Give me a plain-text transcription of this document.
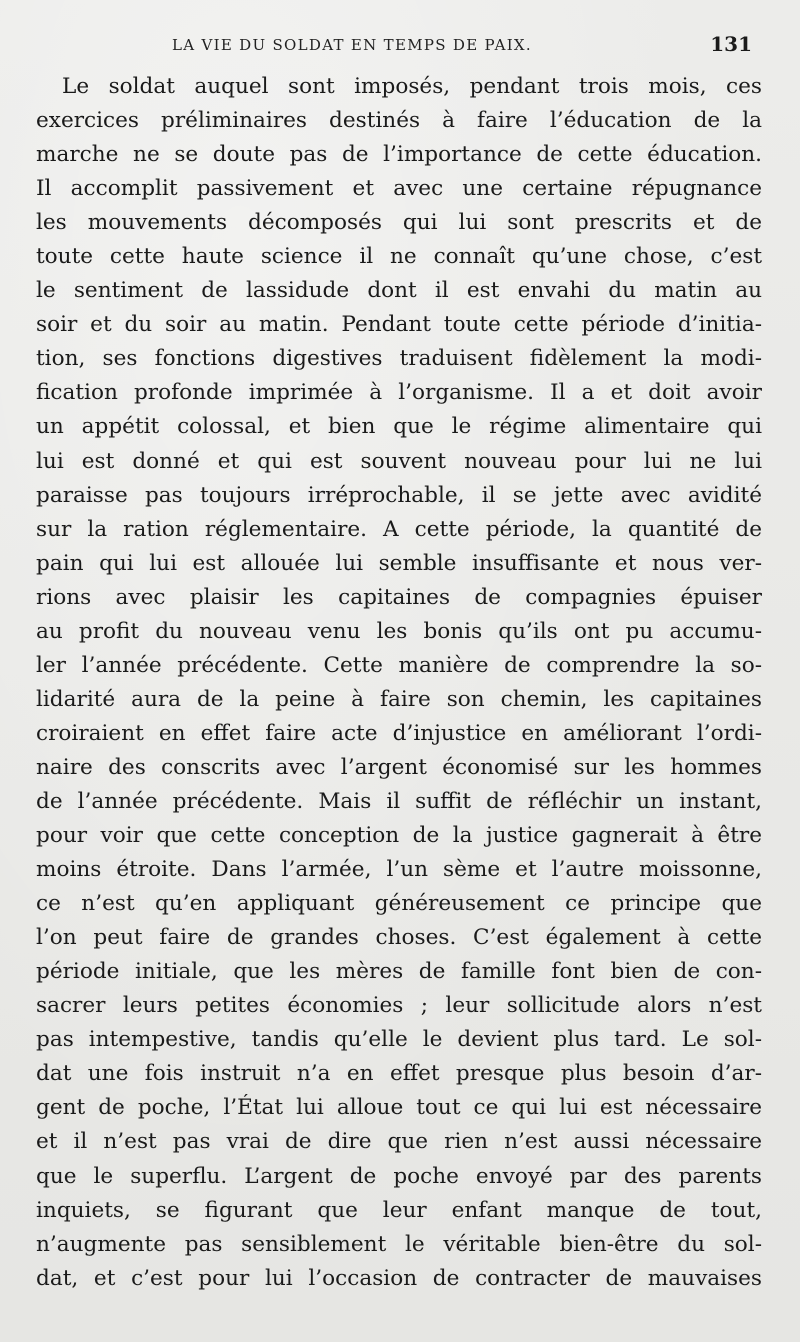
LA VIE DU SOLDAT EN TEMPS DE PAIX.	131
Le soldat auquel sont imposés, pendant trois mois, ces
exercices préliminaires destinés à faire l’éducation de la
marche ne se doute pas de l’importance de cette éducation.
Il accomplit passivement et avec une certaine répugnance
les mouvements décomposés qui lui sont prescrits et de
toute cette haute science il ne connaît qu’une chose, c’est
le sentiment de lassidude dont il est envahi du matin au
soir et du soir au matin. Pendant toute cette période d’initia-
tion, ses fonctions digestives traduisent fidèlement la modi-
fication profonde imprimée à l’organisme. Il a et doit avoir
un appétit colossal, et bien que le régime alimentaire qui
lui est donné et qui est souvent nouveau pour lui ne lui
paraisse pas toujours irréprochable, il se jette avec avidité
sur la ration réglementaire. A cette période, la quantité de
pain qui lui est allouée lui semble insuffisante et nous ver-
rions avec plaisir les capitaines de compagnies épuiser
au profit du nouveau venu les bonis qu’ils ont pu accumu-
ler l’année précédente. Cette manière de comprendre la so-
lidarité aura de la peine à faire son chemin, les capitaines
croiraient en effet faire acte d’injustice en améliorant l’ordi-
naire des conscrits avec l’argent économisé sur les hommes
de l’année précédente. Mais il suffit de réfléchir un instant,
pour voir que cette conception de la justice gagnerait à être
moins étroite. Dans l’armée, l’un sème et l’autre moissonne,
ce n’est qu’en appliquant généreusement ce principe que
l’on peut faire de grandes choses. C’est également à cette
période initiale, que les mères de famille font bien de con-
sacrer leurs petites économies ; leur sollicitude alors n’est
pas intempestive, tandis qu’elle le devient plus tard. Le sol-
dat une fois instruit n’a en effet presque plus besoin d’ar-
gent de poche, l’État lui alloue tout ce qui lui est nécessaire
et il n’est pas vrai de dire que rien n’est aussi nécessaire
que le superflu. L’argent de poche envoyé par des parents
inquiets, se figurant que leur enfant manque de tout,
n’augmente pas sensiblement le véritable bien-être du sol-
dat, et c’est pour lui l’occasion de contracter de mauvaises
